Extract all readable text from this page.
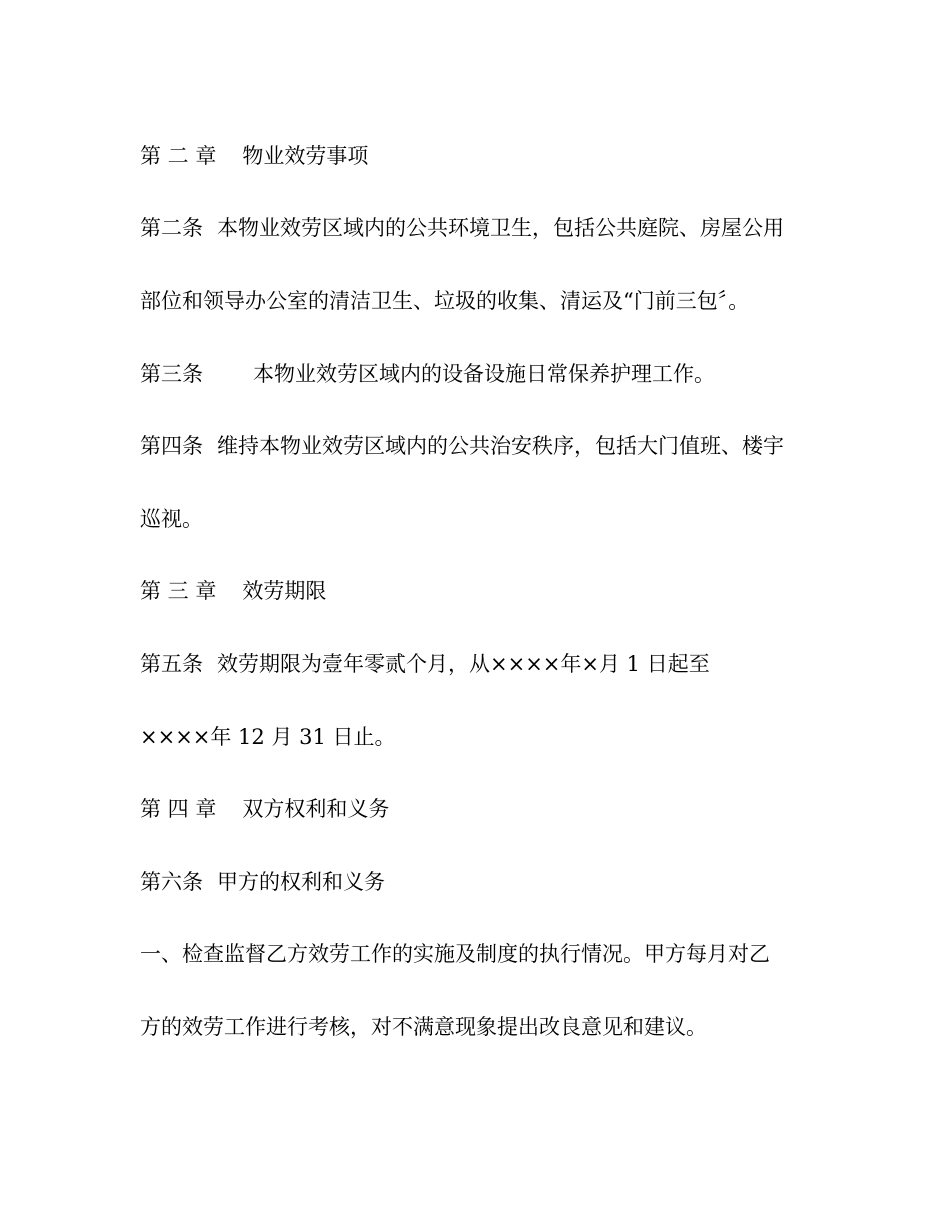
第 二 章 物业效劳事项
第二条 本物业效劳区域内的公共环境卫生，包括公共庭院、房屋公用
部位和领导办公室的清洁卫生、垃圾的收集、清运及“门前三包〞。
第三条 本物业效劳区域内的设备设施日常保养护理工作。
第四条 维持本物业效劳区域内的公共治安秩序，包括大门值班、楼宇
巡视。
第 三 章 效劳期限
第五条 效劳期限为壹年零贰个月，从××××年×月 1 日起至
××××年 12 月 31 日止。
第 四 章 双方权利和义务
第六条 甲方的权利和义务
一、检查监督乙方效劳工作的实施及制度的执行情况。甲方每月对乙
方的效劳工作进行考核，对不满意现象提出改良意见和建议。
